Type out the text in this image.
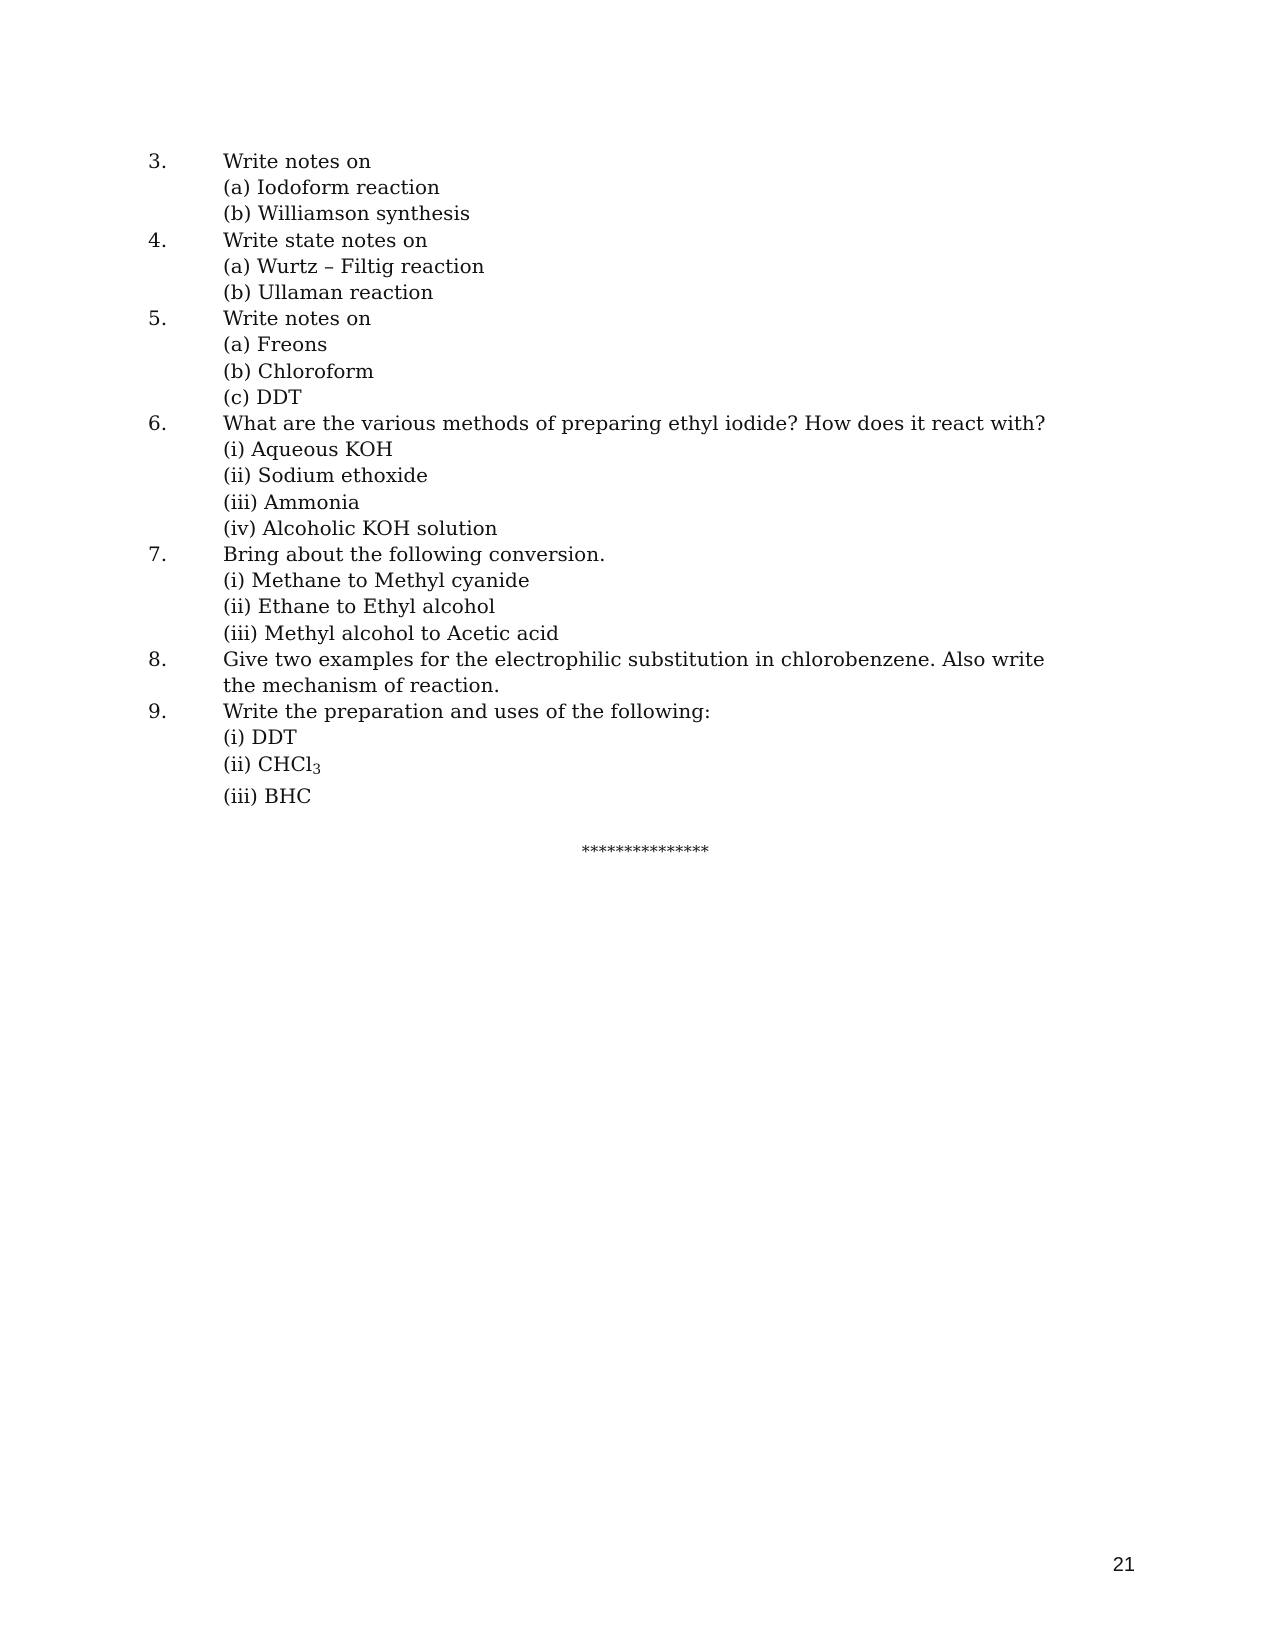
3.	Write notes on
(a) Iodoform reaction
(b) Williamson synthesis
4.	Write state notes on
(a) Wurtz – Filtig reaction
(b) Ullaman reaction
5.	Write notes on
(a) Freons
(b) Chloroform
(c) DDT
6.	What are the various methods of preparing ethyl iodide? How does it react with?
(i) Aqueous KOH
(ii) Sodium ethoxide
(iii) Ammonia
(iv) Alcoholic KOH solution
7.	Bring about the following conversion.
(i) Methane to Methyl cyanide
(ii) Ethane to Ethyl alcohol
(iii) Methyl alcohol to Acetic acid
8.	Give two examples for the electrophilic substitution in chlorobenzene. Also write the mechanism of reaction.
9.	Write the preparation and uses of the following:
(i) DDT
(ii) CHCl3
(iii) BHC
***************
21
